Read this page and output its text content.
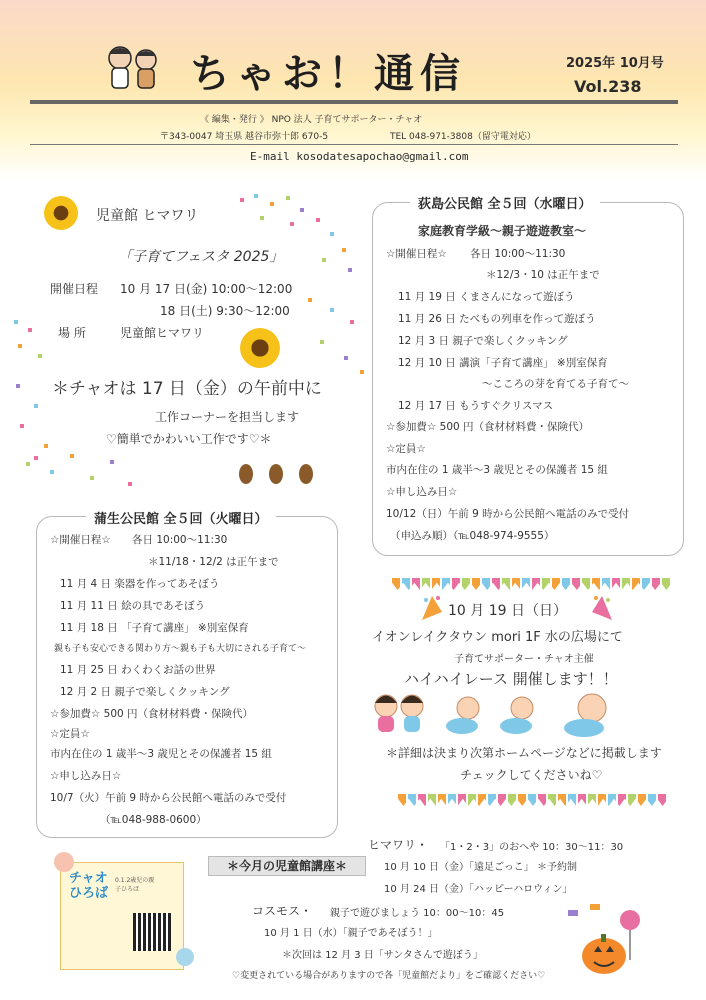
ちゃお！通信	2025年 10月号
Vol.238
《 編集・発行 》 NPO 法人 子育てサポーター・チャオ
〒343-0047 埼玉県 越谷市弥十郎 670-5	TEL 048-971-3808（留守電対応）
E-mail kosodatesapochao@gmail.com
児童館 ヒマワリ
「子育てフェスタ 2025」
開催日程 10 月 17 日(金) 10:00～12:00
18 日(土) 9:30～12:00
場 所	児童館ヒマワリ
＊チャオは 17 日（金）の午前中に
工作コーナーを担当します
♡簡単でかわいい工作です♡＊
蒲生公民館 全５回（火曜日）
☆開催日程☆ 各日 10:00～11:30
＊11/18・12/2 は正午まで
11 月 4 日 楽器を作ってあそぼう
11 月 11 日 絵の具であそぼう
11 月 18 日 「子育て講座」 ※別室保育
親も子も安心できる関わり方～親も子も大切にされる子育て～
11 月 25 日 わくわくお話の世界
12 月 2 日 親子で楽しくクッキング
☆参加費☆ 500 円（食材材料費・保険代）
☆定員☆
市内在住の 1 歳半～3 歳児とその保護者 15 組
☆申し込み日☆
10/7（火）午前 9 時から公民館へ電話のみで受付
（℡048-988-0600）
荻島公民館 全５回（水曜日）
家庭教育学級～親子遊遊教室～
☆開催日程☆ 各日 10:00～11:30
＊12/3・10 は正午まで
11 月 19 日 くまさんになって遊ぼう
11 月 26 日 たべもの列車を作って遊ぼう
12 月 3 日 親子で楽しくクッキング
12 月 10 日 講演「子育て講座」 ※別室保育
～こころの芽を育てる子育て～
12 月 17 日 もうすぐクリスマス
☆参加費☆ 500 円（食材材料費・保険代）
☆定員☆
市内在住の 1 歳半～3 歳児とその保護者 15 組
☆申し込み日☆
10/12（日）午前 9 時から公民館へ電話のみで受付
（申込み順）（℡048-974-9555）
10 月 19 日（日）
イオンレイクタウン mori 1F 水の広場にて
子育てサポーター・チャオ主催
ハイハイレース 開催します！！
＊詳細は決まり次第ホームページなどに掲載します
チェックしてくださいね♡
ヒマワリ・ 「1・2・3」のおへや 10：30～11：30
＊今月の児童館講座＊	10 月 10 日（金）「遠足ごっこ」 ＊予約制
10 月 24 日（金）「ハッピーハロウィン」
コスモス・ 親子で遊びましょう 10：00～10：45
10 月 1 日（水）「親子であそぼう！」
＊次回は 12 月 3 日「サンタさんで遊ぼう」
♡変更されている場合がありますので各「児童館だより」をご確認ください♡
チャオひろば
0.1.2歳児の親子ひろば
